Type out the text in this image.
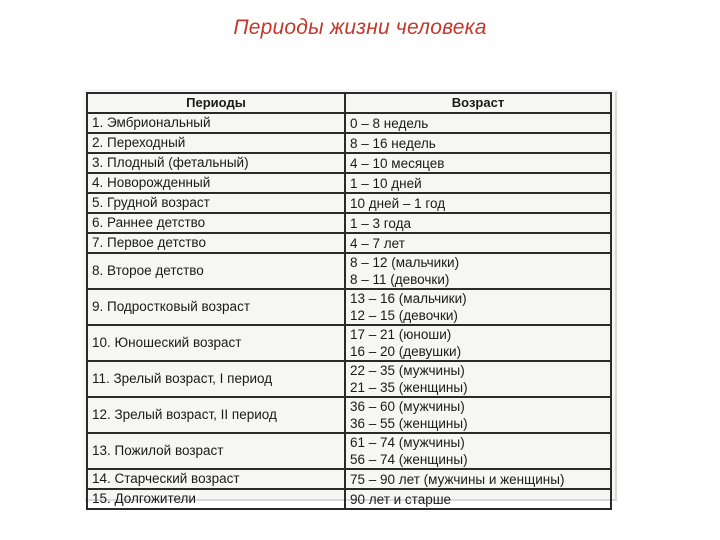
Периоды жизни человека
Периоды	Возраст
1. Эмбриональный	0 – 8 недель

2. Переходный	8 – 16 недель

3. Плодный (фетальный)	4 – 10 месяцев

4. Новорожденный	1 – 10 дней

5. Грудной возраст	10 дней – 1 год

6. Раннее детство	1 – 3 года

7. Первое детство	4 – 7 лет

8. Второе детство	8 – 12 (мальчики)
8 – 11 (девочки)

9. Подростковый возраст	13 – 16 (мальчики)
12 – 15 (девочки)

10. Юношеский возраст	17 – 21 (юноши)
16 – 20 (девушки)

11. Зрелый возраст, I период	22 – 35 (мужчины)
21 – 35 (женщины)

12. Зрелый возраст, II период	36 – 60 (мужчины)
36 – 55 (женщины)

13. Пожилой возраст	61 – 74 (мужчины)
56 – 74 (женщины)

14. Старческий возраст	75 – 90 лет (мужчины и женщины)

15. Долгожители	90 лет и старше
